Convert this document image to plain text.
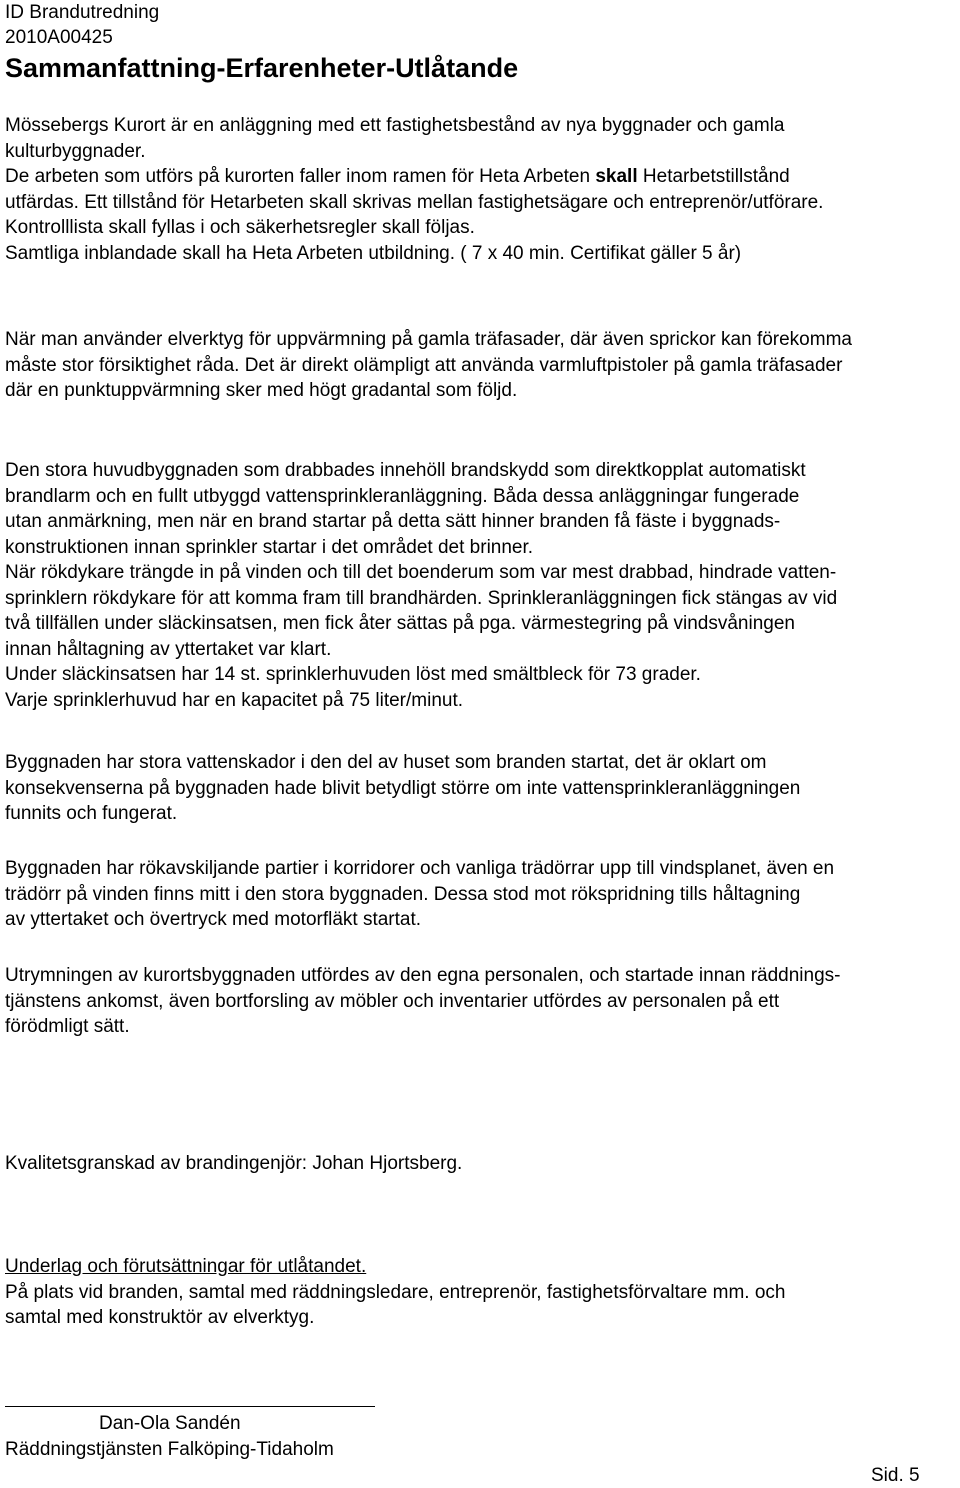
ID Brandutredning

2010A00425

Sammanfattning-Erfarenheter-Utlåtande

Mössebergs Kurort är en anläggning med ett fastighetsbestånd av nya byggnader och gamla
kulturbyggnader.
De arbeten som utförs på kurorten faller inom ramen för Heta Arbeten skall Hetarbetstillstånd
utfärdas. Ett tillstånd för Hetarbeten skall skrivas mellan fastighetsägare och entreprenör/utförare.
Kontrolllista skall fyllas i och säkerhetsregler skall följas.
Samtliga inblandade skall ha Heta Arbeten utbildning. ( 7 x 40 min. Certifikat gäller 5 år)
När man använder elverktyg för uppvärmning på gamla träfasader, där även sprickor kan förekomma
måste stor försiktighet råda. Det är direkt olämpligt att använda varmluftpistoler på gamla träfasader
där en punktuppvärmning sker med högt gradantal som följd.
Den stora huvudbyggnaden som drabbades innehöll brandskydd som direktkopplat automatiskt
brandlarm och en fullt utbyggd vattensprinkleranläggning. Båda dessa anläggningar fungerade
utan anmärkning, men när en brand startar på detta sätt hinner branden få fäste i byggnads-
konstruktionen innan sprinkler startar i det området det brinner.
När rökdykare trängde in på vinden och till det boenderum som var mest drabbad, hindrade vatten-
sprinklern rökdykare för att komma fram till brandhärden. Sprinkleranläggningen fick stängas av vid
två tillfällen under släckinsatsen, men fick åter sättas på pga. värmestegring på vindsvåningen
innan håltagning av yttertaket var klart.
Under släckinsatsen har 14 st. sprinklerhuvuden löst med smältbleck för 73 grader.
Varje sprinklerhuvud har en kapacitet på 75 liter/minut.
Byggnaden har stora vattenskador i den del av huset som branden startat, det är oklart om
konsekvenserna på byggnaden hade blivit betydligt större om inte vattensprinkleranläggningen
funnits och fungerat.
Byggnaden har rökavskiljande partier i korridorer och vanliga trädörrar upp till vindsplanet, även en
trädörr på vinden finns mitt i den stora byggnaden. Dessa stod mot rökspridning tills håltagning
av yttertaket och övertryck med motorfläkt startat.
Utrymningen av kurortsbyggnaden utfördes av den egna personalen, och startade innan räddnings-
tjänstens ankomst, även bortforsling av möbler och inventarier utfördes av personalen på ett
förödmligt sätt.
Kvalitetsgranskad av brandingenjör: Johan Hjortsberg.
Underlag och förutsättningar för utlåtandet.
På plats vid branden, samtal med räddningsledare, entreprenör, fastighetsförvaltare mm. och
samtal med konstruktör av elverktyg.

Dan-Ola Sandén

Räddningstjänsten Falköping-Tidaholm

Sid. 5
